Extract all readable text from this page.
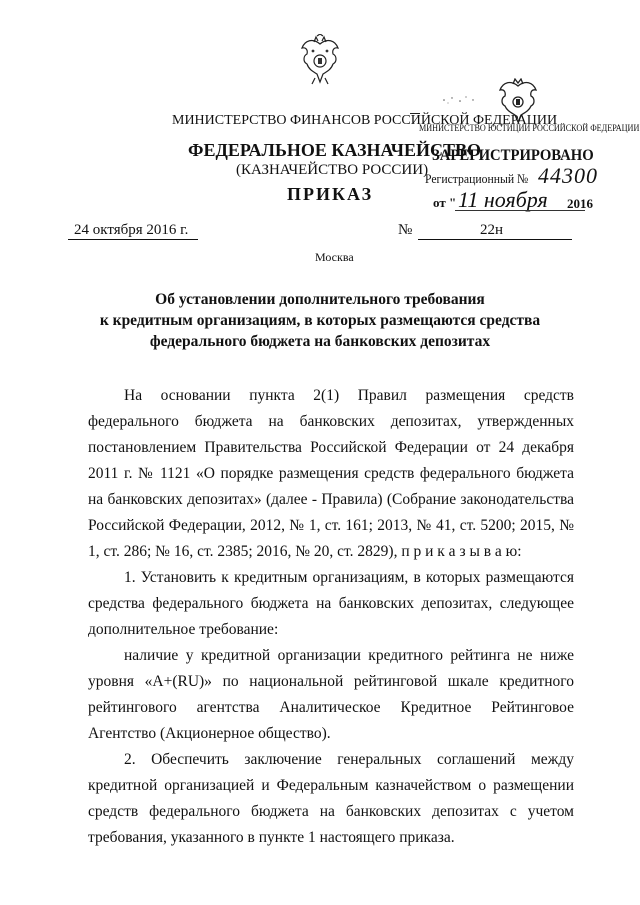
МИНИСТЕРСТВО ФИНАНСОВ РОССИЙСКОЙ ФЕДЕРАЦИИ
ФЕДЕРАЛЬНОЕ КАЗНАЧЕЙСТВО
(КАЗНАЧЕЙСТВО РОССИИ)
ПРИКАЗ
МИНИСТЕРСТВО ЮСТИЦИИ РОССИЙСКОЙ ФЕДЕРАЦИИ
ЗАРЕГИСТРИРОВАНО
Регистрационный № 44300
от " 11 ноября 2016
24 октября 2016 г.	№	22н
Москва
Об установлении дополнительного требования
к кредитным организациям, в которых размещаются средства
федерального бюджета на банковских депозитах

На основании пункта 2(1) Правил размещения средств федерального бюджета на банковских депозитах, утвержденных постановлением Правительства Российской Федерации от 24 декабря 2011 г. № 1121 «О порядке размещения средств федерального бюджета на банковских депозитах» (далее - Правила) (Собрание законодательства Российской Федерации, 2012, № 1, ст. 161; 2013, № 41, ст. 5200; 2015, № 1, ст. 286; № 16, ст. 2385; 2016, № 20, ст. 2829), п р и к а з ы в а ю:

1. Установить к кредитным организациям, в которых размещаются средства федерального бюджета на банковских депозитах, следующее дополнительное требование:

наличие у кредитной организации кредитного рейтинга не ниже уровня «A+(RU)» по национальной рейтинговой шкале кредитного рейтингового агентства Аналитическое Кредитное Рейтинговое Агентство (Акционерное общество).

2. Обеспечить заключение генеральных соглашений между кредитной организацией и Федеральным казначейством о размещении средств федерального бюджета на банковских депозитах с учетом требования, указанного в пункте 1 настоящего приказа.
